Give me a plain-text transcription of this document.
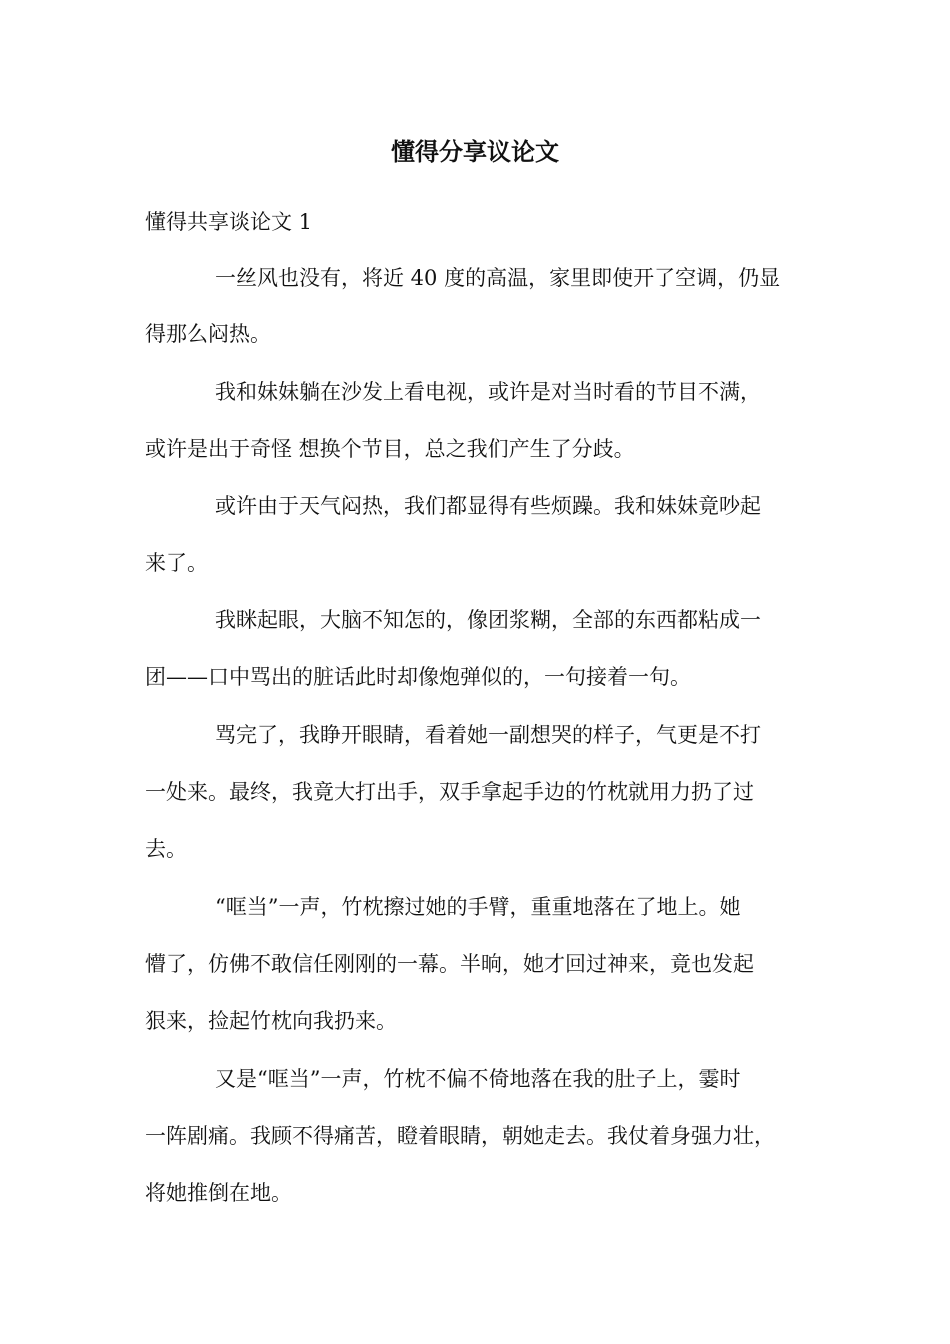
懂得分享议论文

懂得共享谈论文 1

一丝风也没有，将近 40 度的高温，家里即使开了空调，仍显

得那么闷热。

我和妹妹躺在沙发上看电视，或许是对当时看的节目不满，

或许是出于奇怪 想换个节目，总之我们产生了分歧。

或许由于天气闷热，我们都显得有些烦躁。我和妹妹竟吵起

来了。

我眯起眼，大脑不知怎的，像团浆糊，全部的东西都粘成一

团——口中骂出的脏话此时却像炮弹似的，一句接着一句。

骂完了，我睁开眼睛，看着她一副想哭的样子，气更是不打

一处来。最终，我竟大打出手，双手拿起手边的竹枕就用力扔了过

去。

“哐当”一声，竹枕擦过她的手臂，重重地落在了地上。她

懵了，仿佛不敢信任刚刚的一幕。半晌，她才回过神来，竟也发起

狠来，捡起竹枕向我扔来。

又是“哐当”一声，竹枕不偏不倚地落在我的肚子上，霎时

一阵剧痛。我顾不得痛苦，瞪着眼睛，朝她走去。我仗着身强力壮，

将她推倒在地。
